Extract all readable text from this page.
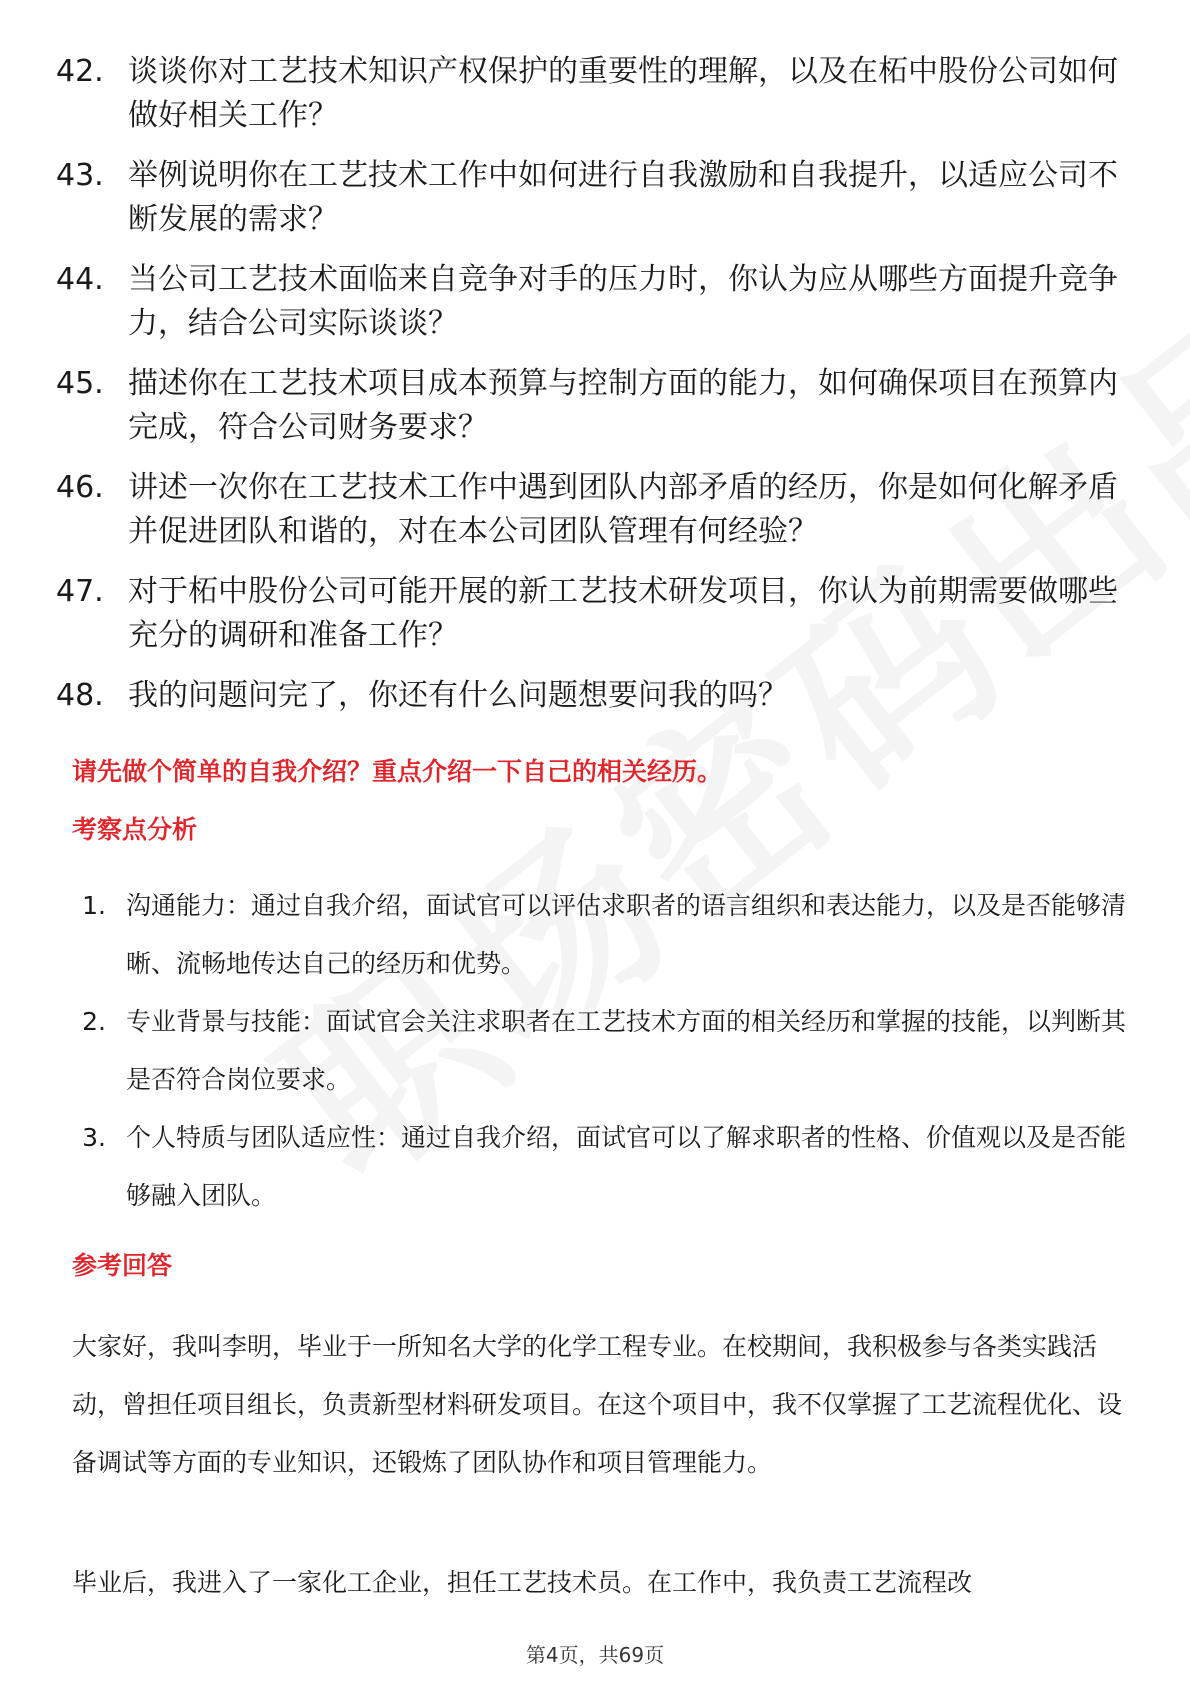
42. 谈谈你对工艺技术知识产权保护的重要性的理解，以及在柘中股份公司如何做好相关工作？
43. 举例说明你在工艺技术工作中如何进行自我激励和自我提升，以适应公司不断发展的需求？
44. 当公司工艺技术面临来自竞争对手的压力时，你认为应从哪些方面提升竞争力，结合公司实际谈谈？
45. 描述你在工艺技术项目成本预算与控制方面的能力，如何确保项目在预算内完成，符合公司财务要求？
46. 讲述一次你在工艺技术工作中遇到团队内部矛盾的经历，你是如何化解矛盾并促进团队和谐的，对在本公司团队管理有何经验？
47. 对于柘中股份公司可能开展的新工艺技术研发项目，你认为前期需要做哪些充分的调研和准备工作？
48. 我的问题问完了，你还有什么问题想要问我的吗？
请先做个简单的自我介绍？重点介绍一下自己的相关经历。
考察点分析
1. 沟通能力：通过自我介绍，面试官可以评估求职者的语言组织和表达能力，以及是否能够清晰、流畅地传达自己的经历和优势。
2. 专业背景与技能：面试官会关注求职者在工艺技术方面的相关经历和掌握的技能，以判断其是否符合岗位要求。
3. 个人特质与团队适应性：通过自我介绍，面试官可以了解求职者的性格、价值观以及是否能够融入团队。
参考回答

大家好，我叫李明，毕业于一所知名大学的化学工程专业。在校期间，我积极参与各类实践活动，曾担任项目组长，负责新型材料研发项目。在这个项目中，我不仅掌握了工艺流程优化、设备调试等方面的专业知识，还锻炼了团队协作和项目管理能力。

毕业后，我进入了一家化工企业，担任工艺技术员。在工作中，我负责工艺流程改

第4页，共69页
